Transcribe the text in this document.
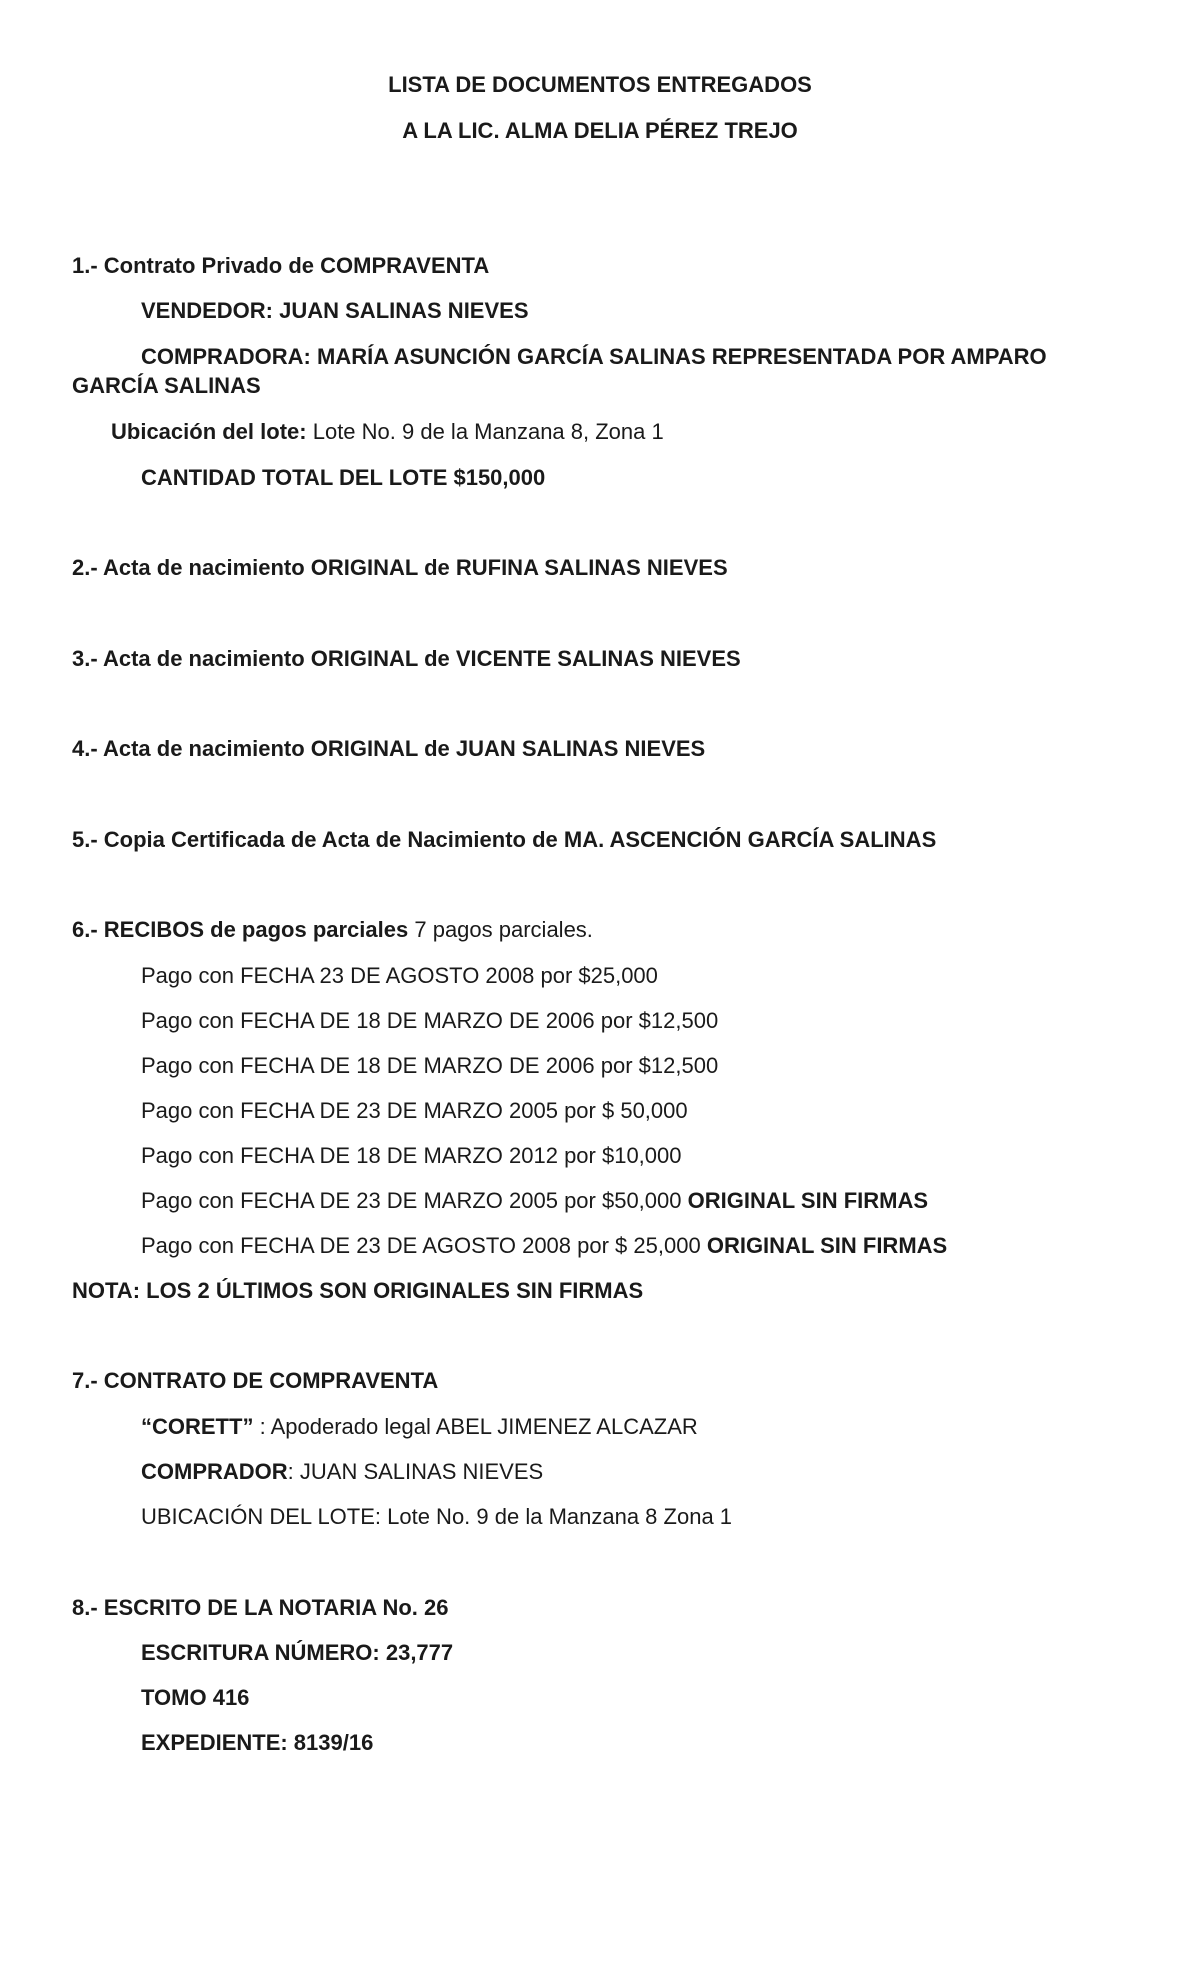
LISTA DE DOCUMENTOS ENTREGADOS
A LA LIC. ALMA DELIA PÉREZ TREJO
1.- Contrato Privado de COMPRAVENTA
VENDEDOR: JUAN SALINAS NIEVES
COMPRADORA: MARÍA ASUNCIÓN GARCÍA SALINAS REPRESENTADA POR AMPARO
GARCÍA SALINAS
Ubicación del lote: Lote No. 9 de la Manzana 8, Zona 1
CANTIDAD TOTAL DEL LOTE $150,000
2.- Acta de nacimiento ORIGINAL de RUFINA SALINAS NIEVES
3.- Acta de nacimiento ORIGINAL de VICENTE SALINAS NIEVES
4.- Acta de nacimiento ORIGINAL de JUAN SALINAS NIEVES
5.- Copia Certificada de Acta de Nacimiento de MA. ASCENCIÓN GARCÍA SALINAS
6.- RECIBOS de pagos parciales 7 pagos parciales.
Pago con FECHA 23 DE AGOSTO 2008 por $25,000
Pago con FECHA DE 18 DE MARZO DE 2006 por $12,500
Pago con FECHA DE 18 DE MARZO DE 2006 por $12,500
Pago con FECHA DE 23 DE MARZO 2005 por $ 50,000
Pago con FECHA DE 18 DE MARZO 2012 por $10,000
Pago con FECHA DE 23 DE MARZO 2005 por $50,000 ORIGINAL SIN FIRMAS
Pago con FECHA DE 23 DE AGOSTO 2008 por $ 25,000 ORIGINAL SIN FIRMAS
NOTA: LOS 2 ÚLTIMOS SON ORIGINALES SIN FIRMAS
7.- CONTRATO DE COMPRAVENTA
“CORETT” : Apoderado legal ABEL JIMENEZ ALCAZAR
COMPRADOR: JUAN SALINAS NIEVES
UBICACIÓN DEL LOTE: Lote No. 9 de la Manzana 8 Zona 1
8.- ESCRITO DE LA NOTARIA No. 26
ESCRITURA NÚMERO: 23,777
TOMO 416
EXPEDIENTE: 8139/16
